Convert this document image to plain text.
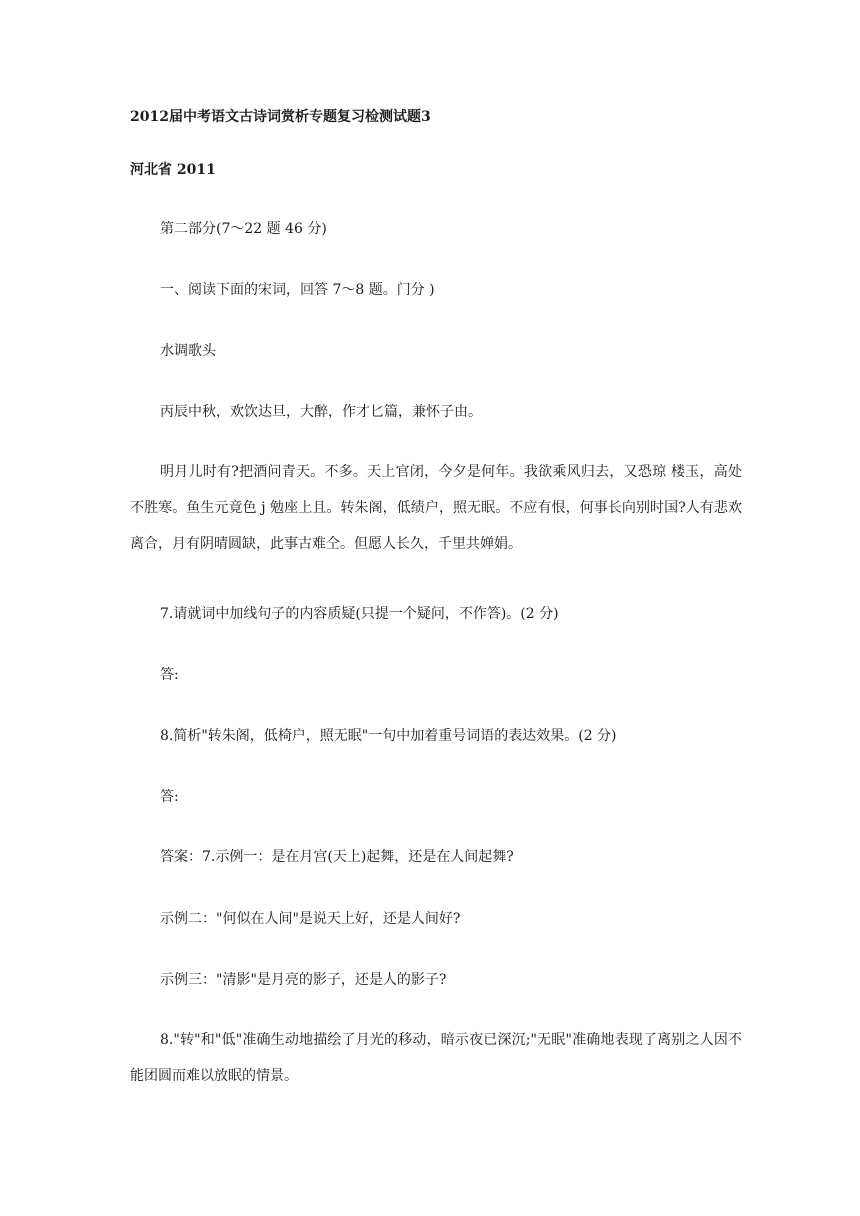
2012届中考语文古诗词赏析专题复习检测试题3
河北省 2011
第二部分(7～22 题 46 分)
一、阅读下面的宋词，回答 7～8 题。门分 )
水调歌头
丙辰中秋，欢饮达旦，大醉，作才匕篇，兼怀子由。
明月儿时有?把酒问青天。不多。天上官闭，今夕是何年。我欲乘风归去，又恐琼 楼玉，高处不胜寒。鱼生元竟色 j 勉座上且。转朱阁，低绩户，照无眠。不应有恨，何事长向别时国?人有悲欢离合，月有阴晴圆缺，此事古难仝。但愿人长久，千里共婵娟。
7.请就词中加线句子的内容质疑(只提一个疑问，不作答)。(2 分)
答:
8.简析"转朱阁，低椅户，照无眠"一句中加着重号词语的表达效果。(2 分)
答:
答案：7.示例一：是在月宫(天上)起舞，还是在人间起舞?
示例二："何似在人间"是说天上好，还是人间好?
示例三："清影"是月亮的影子，还是人的影子?
8."转"和"低"准确生动地描绘了月光的移动，暗示夜已深沉;"无眠"准确地表现了离别之人因不能团圆而难以放眠的情景。
